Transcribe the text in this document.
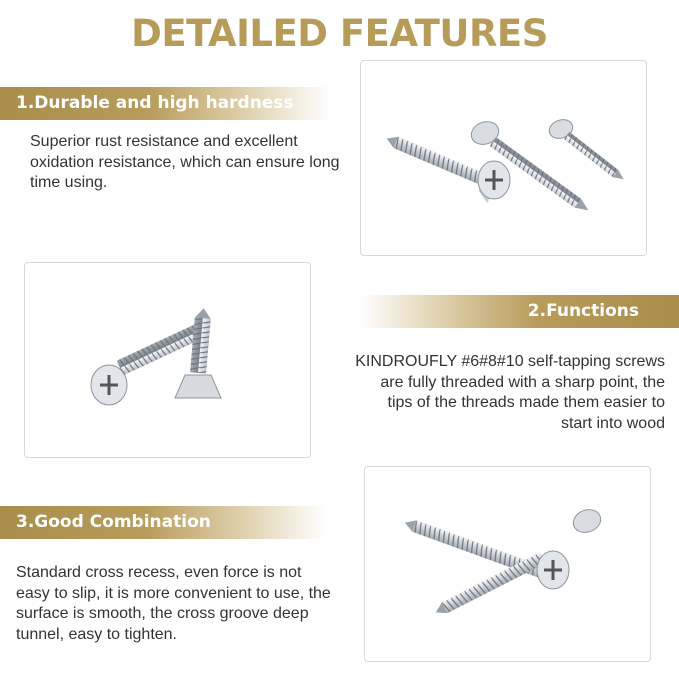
DETAILED FEATURES
1.Durable and high hardness
Superior rust resistance and excellent oxidation resistance, which can ensure long time using.
2.Functions
KINDROUFLY #6#8#10 self-tapping screws are fully threaded with a sharp point, the tips of the threads made them easier to start into wood
3.Good Combination
Standard cross recess, even force is not easy to slip, it is more convenient to use, the surface is smooth, the cross groove deep tunnel, easy to tighten.
